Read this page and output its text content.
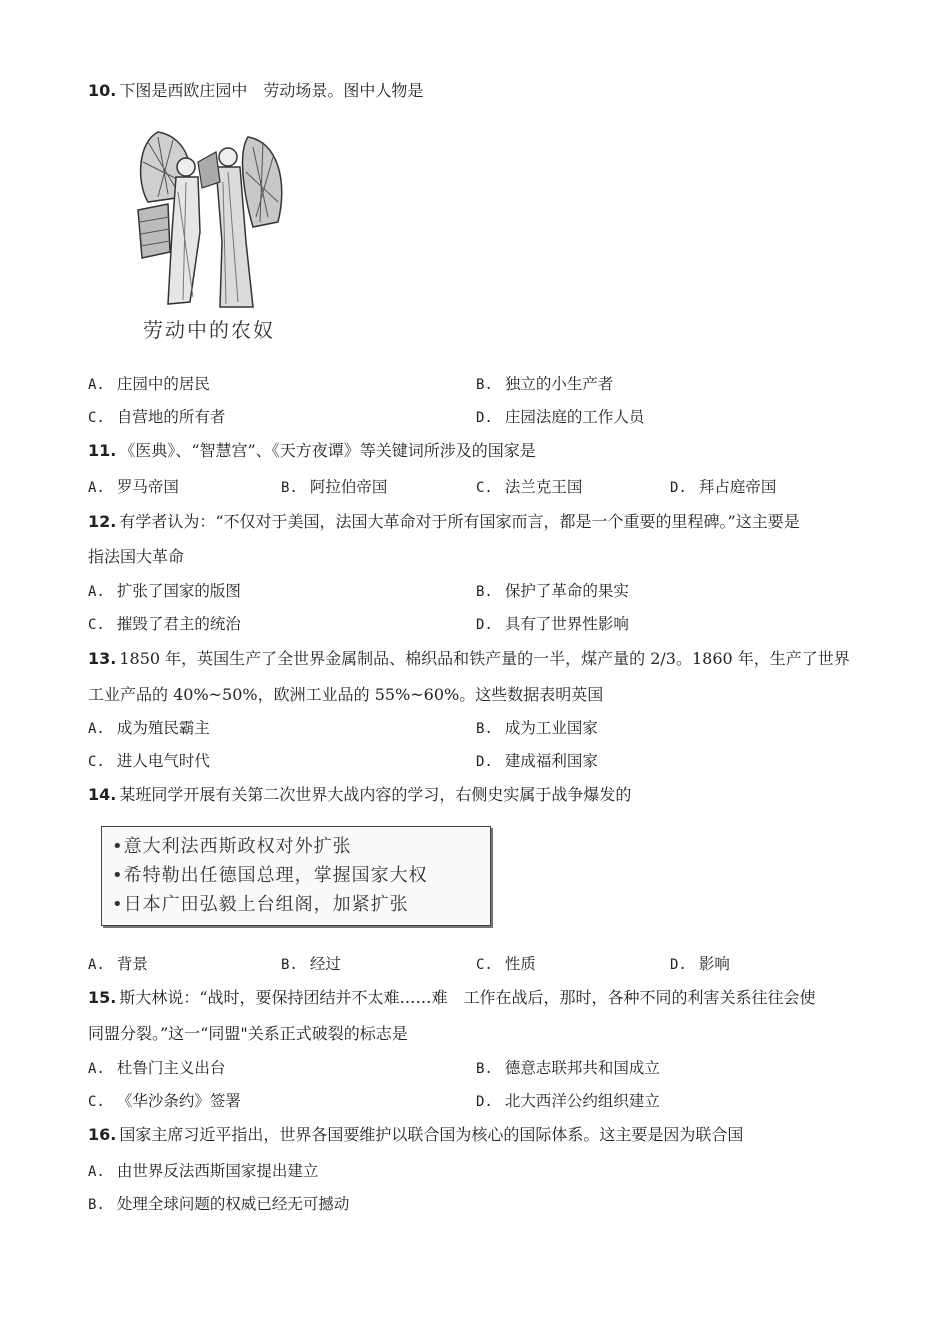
10. 下图是西欧庄园中　劳动场景。图中人物是
劳动中的农奴
A. 庄园中的居民	B. 独立的小生产者
C. 自营地的所有者	D. 庄园法庭的工作人员
11. 《医典》、“智慧宫”、《天方夜谭》等关键词所涉及的国家是
A. 罗马帝国	B. 阿拉伯帝国	C. 法兰克王国	D. 拜占庭帝国
12. 有学者认为：“不仅对于美国，法国大革命对于所有国家而言，都是一个重要的里程碑。”这主要是
指法国大革命
A. 扩张了国家的版图	B. 保护了革命的果实
C. 摧毁了君主的统治	D. 具有了世界性影响
13. 1850 年，英国生产了全世界金属制品、棉织品和铁产量的一半，煤产量的 2/3。1860 年，生产了世界
工业产品的 40%~50%，欧洲工业品的 55%~60%。这些数据表明英国
A. 成为殖民霸主	B. 成为工业国家
C. 进人电气时代	D. 建成福利国家
14. 某班同学开展有关第二次世界大战内容的学习，右侧史实属于战争爆发的
•意大利法西斯政权对外扩张
•希特勒出任德国总理，掌握国家大权
•日本广田弘毅上台组阁，加紧扩张
A. 背景	B. 经过	C. 性质	D. 影响
15. 斯大林说：“战时，要保持团结并不太难……难　工作在战后，那时，各种不同的利害关系往往会使
同盟分裂。”这一“同盟"关系正式破裂的标志是
A. 杜鲁门主义出台	B. 德意志联邦共和国成立
C. 《华沙条约》签署	D. 北大西洋公约组织建立
16. 国家主席习近平指出，世界各国要维护以联合国为核心的国际体系。这主要是因为联合国
A. 由世界反法西斯国家提出建立
B. 处理全球问题的权威已经无可撼动
